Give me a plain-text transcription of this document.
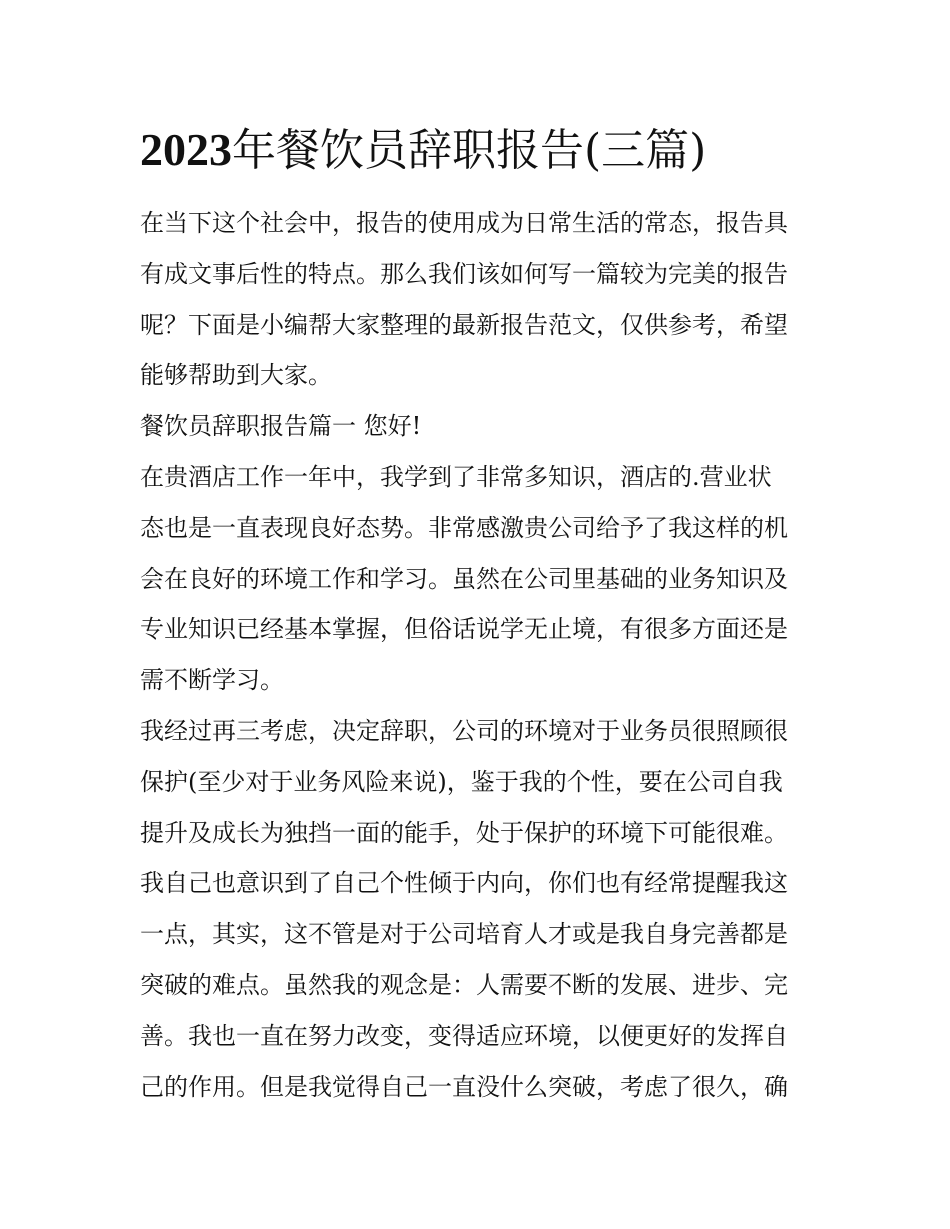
2023年餐饮员辞职报告(三篇)
在当下这个社会中，报告的使用成为日常生活的常态，报告具
有成文事后性的特点。那么我们该如何写一篇较为完美的报告
呢？下面是小编帮大家整理的最新报告范文，仅供参考，希望
能够帮助到大家。
餐饮员辞职报告篇一 您好!
在贵酒店工作一年中，我学到了非常多知识，酒店的.营业状
态也是一直表现良好态势。非常感激贵公司给予了我这样的机
会在良好的环境工作和学习。虽然在公司里基础的业务知识及
专业知识已经基本掌握，但俗话说学无止境，有很多方面还是
需不断学习。
我经过再三考虑，决定辞职，公司的环境对于业务员很照顾很
保护(至少对于业务风险来说)，鉴于我的个性，要在公司自我
提升及成长为独挡一面的能手，处于保护的环境下可能很难。
我自己也意识到了自己个性倾于内向，你们也有经常提醒我这
一点，其实，这不管是对于公司培育人才或是我自身完善都是
突破的难点。虽然我的观念是：人需要不断的发展、进步、完
善。我也一直在努力改变，变得适应环境，以便更好的发挥自
己的作用。但是我觉得自己一直没什么突破，考虑了很久，确
